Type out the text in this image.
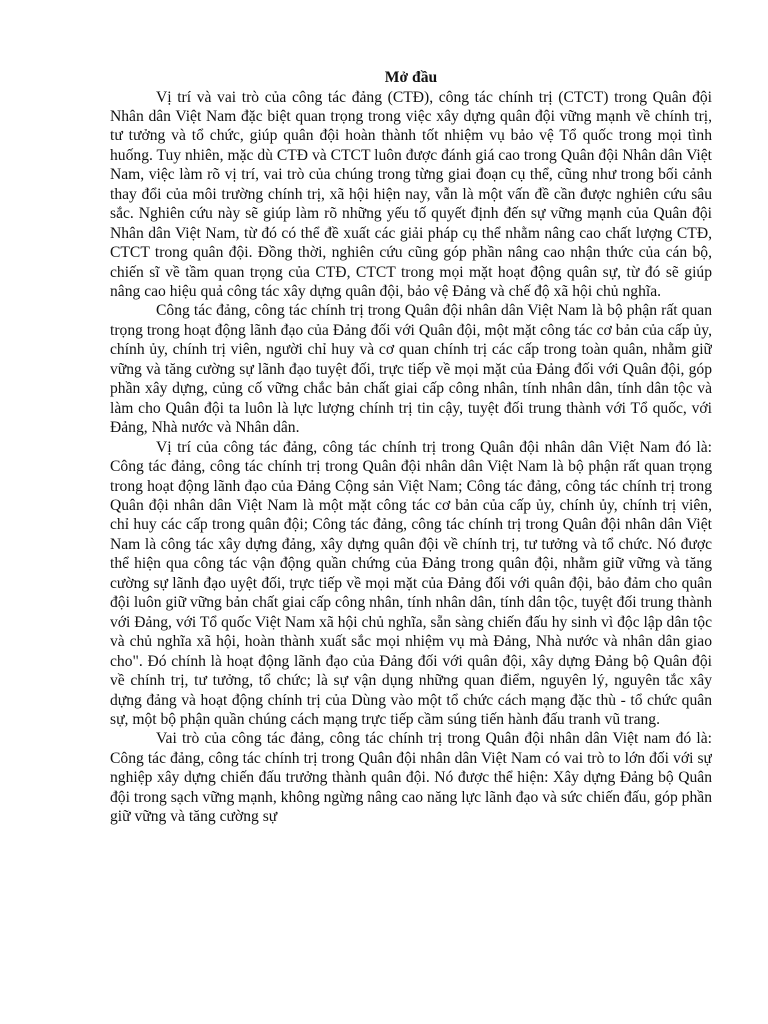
Mở đầu

Vị trí và vai trò của công tác đảng (CTĐ), công tác chính trị (CTCT) trong Quân đội Nhân dân Việt Nam đặc biệt quan trọng trong việc xây dựng quân đội vững mạnh về chính trị, tư tưởng và tổ chức, giúp quân đội hoàn thành tốt nhiệm vụ bảo vệ Tổ quốc trong mọi tình huống. Tuy nhiên, mặc dù CTĐ và CTCT luôn được đánh giá cao trong Quân đội Nhân dân Việt Nam, việc làm rõ vị trí, vai trò của chúng trong từng giai đoạn cụ thể, cũng như trong bối cảnh thay đổi của môi trường chính trị, xã hội hiện nay, vẫn là một vấn đề cần được nghiên cứu sâu sắc. Nghiên cứu này sẽ giúp làm rõ những yếu tố quyết định đến sự vững mạnh của Quân đội Nhân dân Việt Nam, từ đó có thể đề xuất các giải pháp cụ thể nhằm nâng cao chất lượng CTĐ, CTCT trong quân đội. Đồng thời, nghiên cứu cũng góp phần nâng cao nhận thức của cán bộ, chiến sĩ về tầm quan trọng của CTĐ, CTCT trong mọi mặt hoạt động quân sự, từ đó sẽ giúp nâng cao hiệu quả công tác xây dựng quân đội, bảo vệ Đảng và chế độ xã hội chủ nghĩa.

Công tác đảng, công tác chính trị trong Quân đội nhân dân Việt Nam là bộ phận rất quan trọng trong hoạt động lãnh đạo của Đảng đối với Quân đội, một mặt công tác cơ bản của cấp ủy, chính ủy, chính trị viên, người chỉ huy và cơ quan chính trị các cấp trong toàn quân, nhằm giữ vững và tăng cường sự lãnh đạo tuyệt đối, trực tiếp về mọi mặt của Đảng đối với Quân đội, góp phần xây dựng, củng cố vững chắc bản chất giai cấp công nhân, tính nhân dân, tính dân tộc và làm cho Quân đội ta luôn là lực lượng chính trị tin cậy, tuyệt đối trung thành với Tổ quốc, với Đảng, Nhà nước và Nhân dân.

Vị trí của công tác đảng, công tác chính trị trong Quân đội nhân dân Việt Nam đó là: Công tác đảng, công tác chính trị trong Quân đội nhân dân Việt Nam là bộ phận rất quan trọng trong hoạt động lãnh đạo của Đảng Cộng sản Việt Nam; Công tác đảng, công tác chính trị trong Quân đội nhân dân Việt Nam là một mặt công tác cơ bản của cấp ủy, chính ủy, chính trị viên, chỉ huy các cấp trong quân đội; Công tác đảng, công tác chính trị trong Quân đội nhân dân Việt Nam là công tác xây dựng đảng, xây dựng quân đội về chính trị, tư tưởng và tổ chức. Nó được thể hiện qua công tác vận động quần chứng của Đảng trong quân đội, nhằm giữ vững và tăng cường sự lãnh đạo uyệt đối, trực tiếp về mọi mặt của Đảng đối với quân đội, bảo đảm cho quân đội luôn giữ vững bản chất giai cấp công nhân, tính nhân dân, tính dân tộc, tuyệt đối trung thành với Đảng, với Tổ quốc Việt Nam xã hội chủ nghĩa, sẵn sàng chiến đấu hy sinh vì độc lập dân tộc và chủ nghĩa xã hội, hoàn thành xuất sắc mọi nhiệm vụ mà Đảng, Nhà nước và nhân dân giao cho". Đó chính là hoạt động lãnh đạo của Đảng đối với quân đội, xây dựng Đảng bộ Quân đội về chính trị, tư tưởng, tổ chức; là sự vận dụng những quan điểm, nguyên lý, nguyên tắc xây dựng đảng và hoạt động chính trị của Dùng vào một tổ chức cách mạng đặc thù - tổ chức quân sự, một bộ phận quần chúng cách mạng trực tiếp cầm súng tiến hành đấu tranh vũ trang.

Vai trò của công tác đảng, công tác chính trị trong Quân đội nhân dân Việt nam đó là: Công tác đảng, công tác chính trị trong Quân đội nhân dân Việt Nam có vai trò to lớn đối với sự nghiệp xây dựng chiến đấu trưởng thành quân đội. Nó được thể hiện: Xây dựng Đảng bộ Quân đội trong sạch vững mạnh, không ngừng nâng cao năng lực lãnh đạo và sức chiến đấu, góp phần giữ vững và tăng cường sự
